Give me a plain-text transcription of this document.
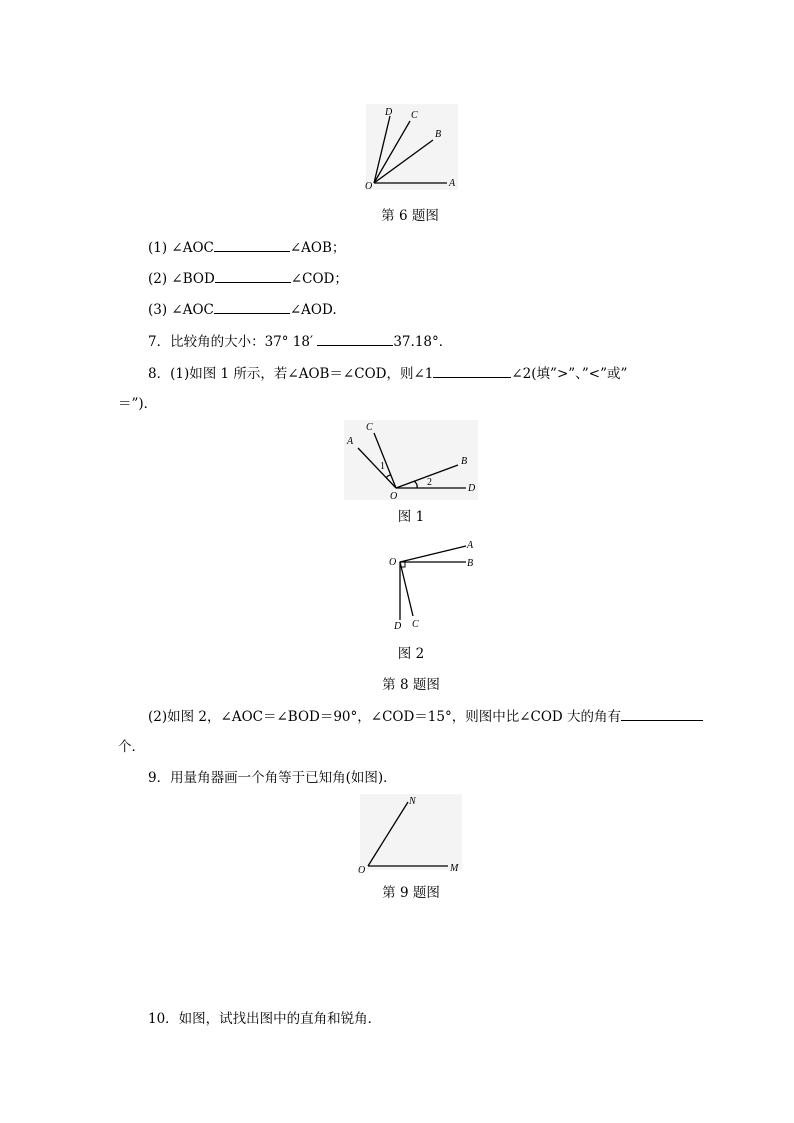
D C
B
O	A
第 6 题图
(1) ∠AOC	∠AOB；
(2) ∠BOD	∠COD；
(3) ∠AOC	∠AOD.
7．比较角的大小：37° 18′	37.18°．
8．(1)如图 1 所示，若∠AOB＝∠COD，则∠1	∠2(填”>”、”<”或”
＝”)．
C
A
1	B
2
O
D
图 1
O
A
B
D C
图 2
第 8 题图
(2)如图 2，∠AOC＝∠BOD＝90°，∠COD＝15°，则图中比∠COD 大的角有
个．
9．用量角器画一个角等于已知角(如图)．
N
O	M
第 9 题图
10．如图，试找出图中的直角和锐角．
